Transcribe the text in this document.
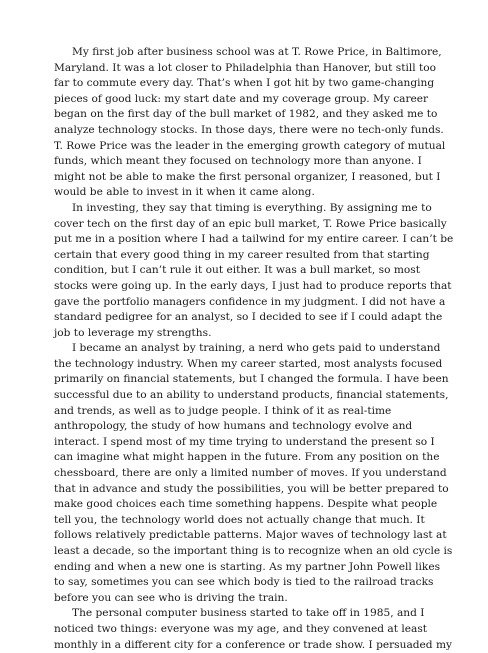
My first job after business school was at T. Rowe Price, in Baltimore,
Maryland. It was a lot closer to Philadelphia than Hanover, but still too
far to commute every day. That’s when I got hit by two game-changing
pieces of good luck: my start date and my coverage group. My career
began on the first day of the bull market of 1982, and they asked me to
analyze technology stocks. In those days, there were no tech-only funds.
T. Rowe Price was the leader in the emerging growth category of mutual
funds, which meant they focused on technology more than anyone. I
might not be able to make the first personal organizer, I reasoned, but I
would be able to invest in it when it came along.
In investing, they say that timing is everything. By assigning me to
cover tech on the first day of an epic bull market, T. Rowe Price basically
put me in a position where I had a tailwind for my entire career. I can’t be
certain that every good thing in my career resulted from that starting
condition, but I can’t rule it out either. It was a bull market, so most
stocks were going up. In the early days, I just had to produce reports that
gave the portfolio managers confidence in my judgment. I did not have a
standard pedigree for an analyst, so I decided to see if I could adapt the
job to leverage my strengths.
I became an analyst by training, a nerd who gets paid to understand
the technology industry. When my career started, most analysts focused
primarily on financial statements, but I changed the formula. I have been
successful due to an ability to understand products, financial statements,
and trends, as well as to judge people. I think of it as real-time
anthropology, the study of how humans and technology evolve and
interact. I spend most of my time trying to understand the present so I
can imagine what might happen in the future. From any position on the
chessboard, there are only a limited number of moves. If you understand
that in advance and study the possibilities, you will be better prepared to
make good choices each time something happens. Despite what people
tell you, the technology world does not actually change that much. It
follows relatively predictable patterns. Major waves of technology last at
least a decade, so the important thing is to recognize when an old cycle is
ending and when a new one is starting. As my partner John Powell likes
to say, sometimes you can see which body is tied to the railroad tracks
before you can see who is driving the train.
The personal computer business started to take off in 1985, and I
noticed two things: everyone was my age, and they convened at least
monthly in a different city for a conference or trade show. I persuaded my
